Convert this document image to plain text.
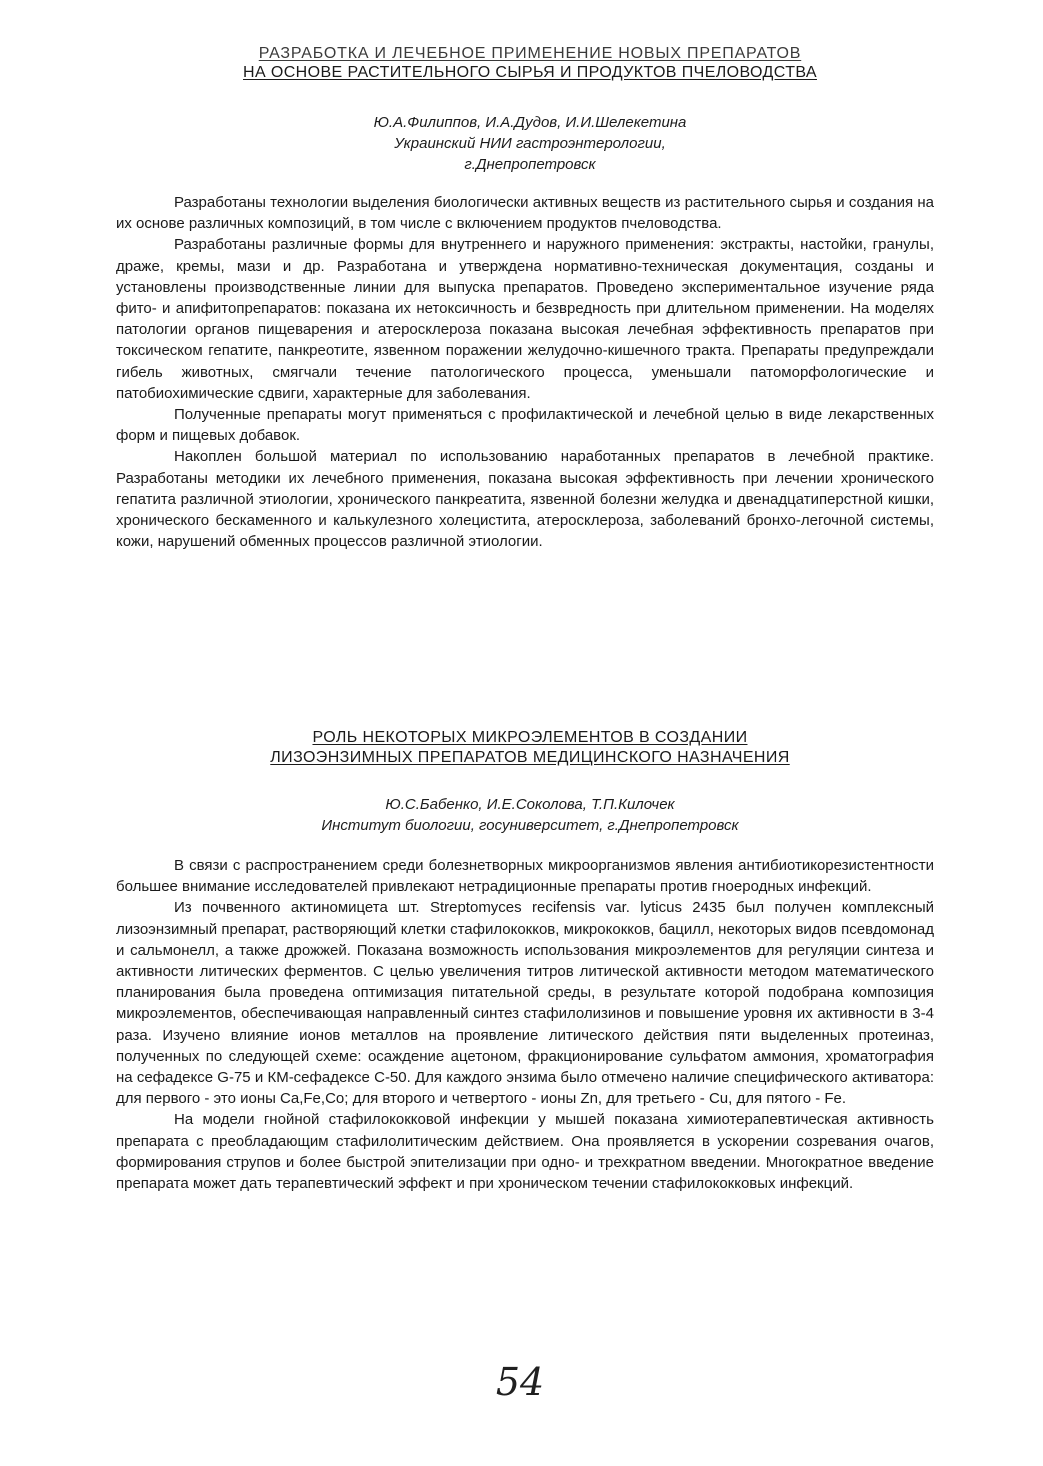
РАЗРАБОТКА И ЛЕЧЕБНОЕ ПРИМЕНЕНИЕ НОВЫХ ПРЕПАРАТОВ
НА ОСНОВЕ РАСТИТЕЛЬНОГО СЫРЬЯ И ПРОДУКТОВ ПЧЕЛОВОДСТВА
Ю.А.Филиппов, И.А.Дудов, И.И.Шелекетина
Украинский НИИ гастроэнтерологии,
г.Днепропетровск

Разработаны технологии выделения биологически активных веществ из растительного сырья и создания на их основе различных композиций, в том числе с включением продуктов пчеловодства.

Разработаны различные формы для внутреннего и наружного применения: экстракты, настойки, гранулы, драже, кремы, мази и др. Разработана и утверждена нормативно-техническая документация, созданы и установлены производственные линии для выпуска препаратов. Проведено экспериментальное изучение ряда фито- и апифитопрепаратов: показана их нетоксичность и безвредность при длительном применении. На моделях патологии органов пищеварения и атеросклероза показана высокая лечебная эффективность препаратов при токсическом гепатите, панкреотите, язвенном поражении желудочно-кишечного тракта. Препараты предупреждали гибель животных, смягчали течение патологического процесса, уменьшали патоморфологические и патобиохимические сдвиги, характерные для заболевания.

Полученные препараты могут применяться с профилактической и лечебной целью в виде лекарственных форм и пищевых добавок.

Накоплен большой материал по использованию наработанных препаратов в лечебной практике. Разработаны методики их лечебного применения, показана высокая эффективность при лечении хронического гепатита различной этиологии, хронического панкреатита, язвенной болезни желудка и двенадцатиперстной кишки, хронического бескаменного и калькулезного холецистита, атеросклероза, заболеваний бронхо-легочной системы, кожи, нарушений обменных процессов различной этиологии.

РОЛЬ НЕКОТОРЫХ МИКРОЭЛЕМЕНТОВ В СОЗДАНИИ
ЛИЗОЭНЗИМНЫХ ПРЕПАРАТОВ МЕДИЦИНСКОГО НАЗНАЧЕНИЯ
Ю.С.Бабенко, И.Е.Соколова, Т.П.Килочек
Институт биологии, госуниверситет, г.Днепропетровск

В связи с распространением среди болезнетворных микроорганизмов явления антибиотикорезистентности большее внимание исследователей привлекают нетрадиционные препараты против гноеродных инфекций.

Из почвенного актиномицета шт. Streptomyces recifensis var. lyticus 2435 был получен комплексный лизоэнзимный препарат, растворяющий клетки стафилококков, микрококков, бацилл, некоторых видов псевдомонад и сальмонелл, а также дрожжей. Показана возможность использования микроэлементов для регуляции синтеза и активности литических ферментов. С целью увеличения титров литической активности методом математического планирования была проведена оптимизация питательной среды, в результате которой подобрана композиция микроэлементов, обеспечивающая направленный синтез стафилолизинов и повышение уровня их активности в 3-4 раза. Изучено влияние ионов металлов на проявление литического действия пяти выделенных протеиназ, полученных по следующей схеме: осаждение ацетоном, фракционирование сульфатом аммония, хроматография на сефадексе G-75 и КМ-сефадексе С-50. Для каждого энзима было отмечено наличие специфического активатора: для первого - это ионы Ca,Fe,Co; для второго и четвертого - ионы Zn, для третьего - Cu, для пятого - Fe.

На модели гнойной стафилококковой инфекции у мышей показана химиотерапевтическая активность препарата с преобладающим стафилолитическим действием. Она проявляется в ускорении созревания очагов, формирования струпов и более быстрой эпителизации при одно- и трехкратном введении. Многократное введение препарата может дать терапевтический эффект и при хроническом течении стафилококковых инфекций.

54
